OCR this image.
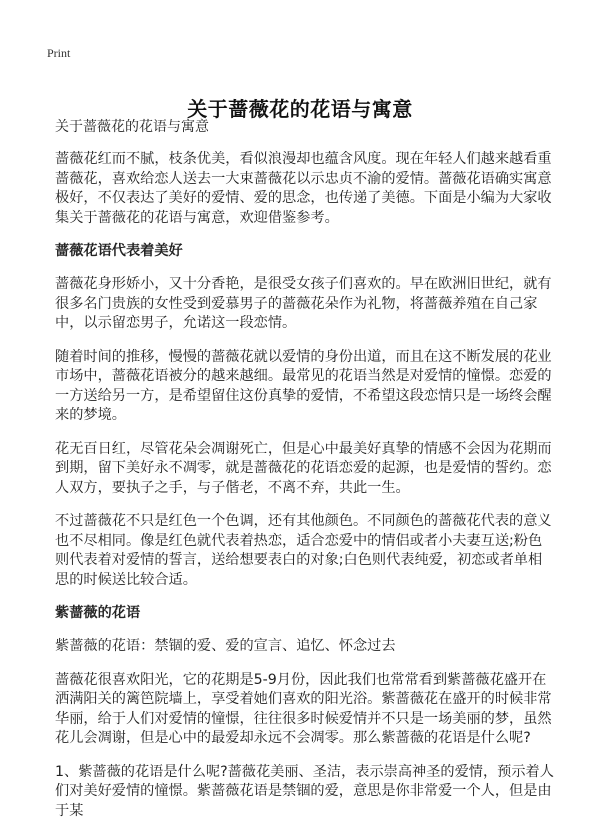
Print
关于蔷薇花的花语与寓意
关于蔷薇花的花语与寓意

蔷薇花红而不腻，枝条优美，看似浪漫却也蕴含风度。现在年轻人们越来越看重蔷薇花，喜欢给恋人送去一大束蔷薇花以示忠贞不渝的爱情。蔷薇花语确实寓意极好，不仅表达了美好的爱情、爱的思念，也传递了美德。下面是小编为大家收集关于蔷薇花的花语与寓意，欢迎借鉴参考。

蔷薇花语代表着美好

蔷薇花身形娇小，又十分香艳，是很受女孩子们喜欢的。早在欧洲旧世纪，就有很多名门贵族的女性受到爱慕男子的蔷薇花朵作为礼物，将蔷薇养殖在自己家中，以示留恋男子，允诺这一段恋情。

随着时间的推移，慢慢的蔷薇花就以爱情的身份出道，而且在这不断发展的花业市场中，蔷薇花语被分的越来越细。最常见的花语当然是对爱情的憧憬。恋爱的一方送给另一方，是希望留住这份真挚的爱情，不希望这段恋情只是一场终会醒来的梦境。

花无百日红，尽管花朵会凋谢死亡，但是心中最美好真挚的情感不会因为花期而到期，留下美好永不凋零，就是蔷薇花的花语恋爱的起源，也是爱情的誓约。恋人双方，要执子之手，与子偕老，不离不弃，共此一生。

不过蔷薇花不只是红色一个色调，还有其他颜色。不同颜色的蔷薇花代表的意义也不尽相同。像是红色就代表着热恋，适合恋爱中的情侣或者小夫妻互送;粉色则代表着对爱情的誓言，送给想要表白的对象;白色则代表纯爱，初恋或者单相思的时候送比较合适。

紫蔷薇的花语

紫蔷薇的花语：禁锢的爱、爱的宣言、追忆、怀念过去

蔷薇花很喜欢阳光，它的花期是5-9月份，因此我们也常常看到紫蔷薇花盛开在洒满阳关的篱笆院墙上，享受着她们喜欢的阳光浴。紫蔷薇花在盛开的时候非常华丽，给于人们对爱情的憧憬，往往很多时候爱情并不只是一场美丽的梦，虽然花儿会凋谢，但是心中的最爱却永远不会凋零。那么紫蔷薇的花语是什么呢?

1、紫蔷薇的花语是什么呢?蔷薇花美丽、圣洁，表示崇高神圣的爱情，预示着人们对美好爱情的憧憬。紫蔷薇花语是禁锢的爱，意思是你非常爱一个人，但是由于某
